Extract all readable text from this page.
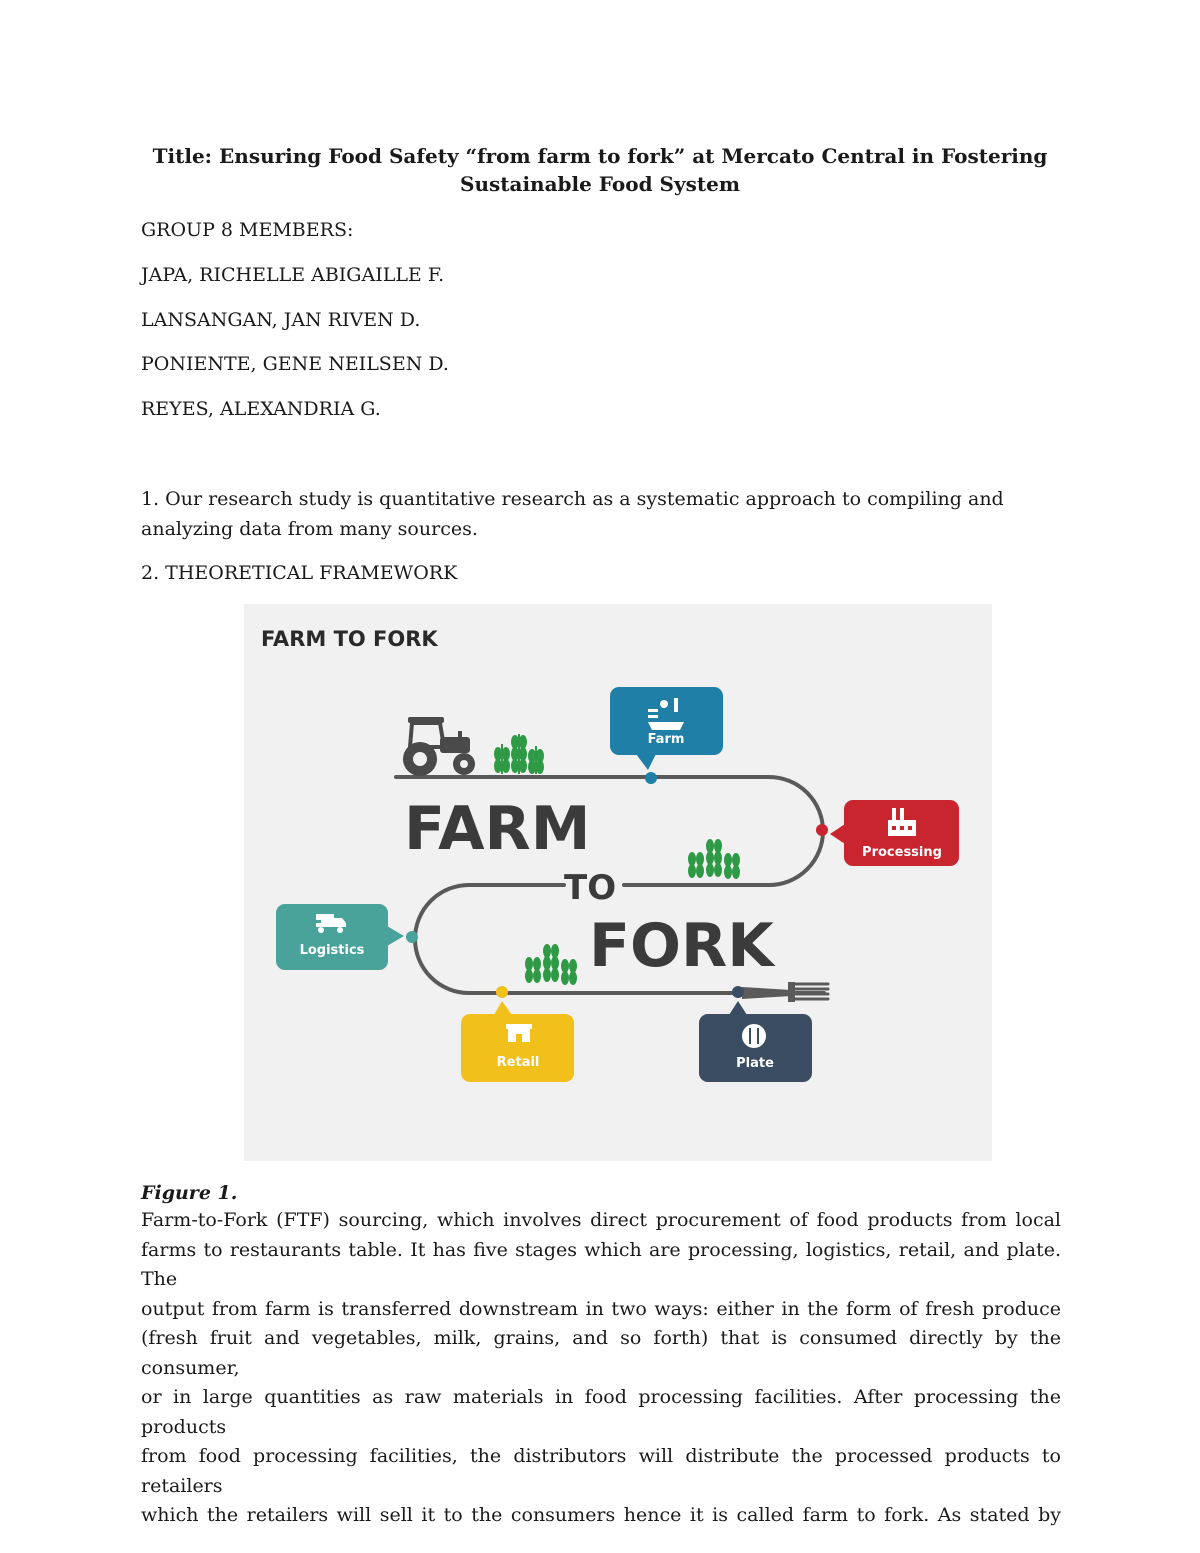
Title: Ensuring Food Safety “from farm to fork” at Mercato Central in Fostering
Sustainable Food System
GROUP 8 MEMBERS:
JAPA, RICHELLE ABIGAILLE F.
LANSANGAN, JAN RIVEN D.
PONIENTE, GENE NEILSEN D.
REYES, ALEXANDRIA G.
1. Our research study is quantitative research as a systematic approach to compiling and
analyzing data from many sources.
2. THEORETICAL FRAMEWORK
FARM TO FORK
FARM
TO
FORK
Farm
Processing
Logistics
Retail	Plate
Figure 1.
Farm-to-Fork (FTF) sourcing, which involves direct procurement of food products from local
farms to restaurants table. It has five stages which are processing, logistics, retail, and plate. The
output from farm is transferred downstream in two ways: either in the form of fresh produce
(fresh fruit and vegetables, milk, grains, and so forth) that is consumed directly by the consumer,
or in large quantities as raw materials in food processing facilities. After processing the products
from food processing facilities, the distributors will distribute the processed products to retailers
which the retailers will sell it to the consumers hence it is called farm to fork. As stated by
